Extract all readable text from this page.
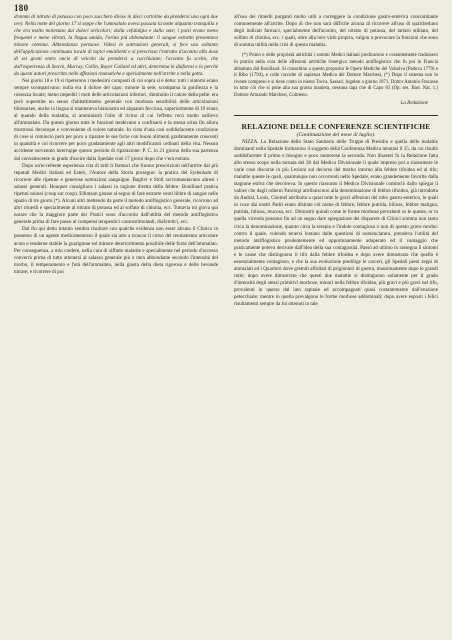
180

drammi di nitrato di potassa con poco zucchero divise in dieci cartoline da prendersi una ogni due ore). Nella notte del giorno 17 si seppe che l'ammalato aveva passata la notte alquanto tranquilla e che era molto molestato dai dolori articolari; dalla cefalalgia e dalla sete; i polsi erano meno frequenti e meno vibrati, la lingua umida, l'orina più abbondante: il sangue estratto presentava minore cotenna. Abbondanza portuose. Videsi le sottrazioni generali, si fece uso soltanto dell'applicazione continuata locale di topici emollienti e si prescrisse l'estratto d'aconito alla dose di sei grani entro oncie di veicolo da prendersi a cucchiaiate; l'aconito fu scelto, che dall'esperienza di Storck, Murray, Collin, Royer Collard ed altri, determina le diaforesi e la perché da questi autori prescritto nelle affezioni reumatiche e specialmente nell'artrite e nella gotta.

Nei giorni 18 e 19 si ripeterono i medesimi composti di cui sopra si è detto: tutti i sintomi erano sempre scomparivano: nulla era il dolore del capo; minore la sete; scomparsa la gonfiezza e la rossezza locale; meno impediti i moti delle articolazioni inferiori, diminuito il calore della pelle: era però superstite un senso d'abbattimento generale con morbosa sensibilità delle articolazioni tibiotarsee, anche la lingua si manteneva biancastra ed alquanto fecciosa, superiormente di 19 erano al quando della malattia, si amministrò l'olio di ricino di cui l'effetto recò molto sollievo all'ammalato. Da questo giorno tutte le funzioni tendevano a confinarsi e la stessa orina fin allora mostrossi dovunque e conveniente di colore naturale. In vista d'una così soddisfacente condizione di cose si cominciò però per poco a riparare le sue forze con buoni alimenti gradatamente crescenti in quantità e col ricorrere per poco gradatamente agli altri modificatori ordinari della vita. Nessun accidente sorvenuto interruppe questo periodo di riparazione: P. C. in 21 giorno della sua partenza dal convalescente in grado d'uscire dalla Spedale cioè 17 giorni dopo che v'era entrato.

Dopo un'eccellente esperienza cita di tutti li farmaci che furono prescrizioni nell'artrite dai più reputati Medici Italiani ed Esteri, l'Autore della Storia proseguo: la pratica del Sydenham di ricorrere alle ripetute e generose sottrazioni sanguigne. Baglivi e Stoll raccomandavano altresì i salassi generali. Houquet consigliava i salassi in ragione diretta della febbre. Bouillaud pratica ripetuti salassi (coup sur coup). Elliotson giunse al segno di fare estrarre venti libbre di sangue nelle spazio di tre giorni (*). Alcuni altri mettendo da parte il metodo antiflogistico generale, ricorrono ad altri rimedii e specialmente al nitrato di potassa ed al solfato di chinina, ecc. Tuttavia mi giova qui notare che la maggiore parte dei Pratici sono d'accordo dall'utilità del metodo antiflogistico generale prima di fare passo ai compensi terapeutici controstimolanti, diaforetici, ecc.

Dal fin qui detto intanto sembra risultare con qualche evidenza non esser alcuno il Clinico in possesso di un agente medicamentoso il quale sia atto a troncar il corso del reumatismo articolare acuto e renderne stabile la guarigione sol minore deteriorimento possibile delle forze dell'ammalato. Per conseguenza, a mio credere, nella cura di siffatte malattie e specialmente nel periodo d'accesso converrà prima di tutto attenersi al salasso generale più o men abbondante secondo l'intensità del morbo, il temperamento e l'età dell'ammalato, nella giusta della dieta rigorosa e delle bevande nitrate; e ricorrere di poi

all'uso dei rimedii purganti molto utili a correggere la condizione gastro-enterica concomitante comunemente all'artrite. Dopo di che non sarà difficile alcuna di ricorrere all'uso di qualcheduno degli indicati farmaci, specialmente dell'aconito, del nitrato di potassa, del tartaro stibiato, del solfato di chinina, ecc. i quali, oltre alla loro virtù propria, valgon a provocare la funzioni che sono di somma utilità nella crisi di questa malattia.

(*) Primo e delle proprietà antichità i sommi Medici italiani predicarono e costantemente tradussero in pratica nella cura delle affezioni artritiche l'energico metodo antiflogistico che fu poi in Francia abbattuto dal Bouillaud. Si consultino a questo proposito le Opere Mediche del Valsalva (Padova 1779) e il Ribo (1794), e colle raccolte di sapienza Medica del Dottore Marchesi, (*) Dopo il sistema non lo riveste compreso e si tiene conto in niente Tocca. Sassari, lugubre a giorno 1871, Dottor Antonio Fracasso in tutto ciò che si pone alla sua grassa maniera, nessuna tapa che di Capo 83 (Op. ses. Barr. Nat. 1.) Dottore Armando Marchesi, Colmeno.

La Redazione

RELAZIONE DELLE CONFERENZE SCIENTIFICHE

(Continuazione del mese di luglio).

NIZZA. La Relazione dello Stato Sanitario delle Truppe di Presidio e quella delle malattie dominanti nella Spedale formarono il soggetto della Conferenza Medica tenutasi il 15, da cui risultò soddisfacente il primo e bisogno e poco numerose la seconda. Non dissentì fu la Relazione fatta allo stesso scopo nella tornata del 30 dal Medico Divisionale il quale impreso poi a riassumere le varie cose discorse in più Lezioni sul decorso del morbo intorno alla febbre tifoidea ed al tifo; malattie queste le quali, quantunque non occorrenti nello Spedale, erano grandemente favorite dalla stagione estiva che decorreva. In questo riassunto il Medico Divisionale cominciò dallo spiegar il valore che dagli odierni Patologi attribuiscono alla denominazione di febbre tifoidea, già introdotta da Andral, Louis, Chomel attribuita a quasi tutte le gravi affezioni del tubo gastro-enterico, le quali in voce dai nostri Padri erano distinte col nome di febbre, febbre putrida, biliose, febbre maligna, putrida, biliosa, mucosa, ecc. Dimostrò quindi come le forme morbose prevalenti or le queste, or in quella vicenda possono fin ad un segno dare spiegazione dei disparere di Clinici somma non tanto circa la denominazione, quanto circa la terapia e l'indole contagiosa o non di questo grave morbo: contro il quale, volendo tenersi lontano dalle questioni di nomenclatura, prendeva l'utilità del metodo antiflogistico prudentemente ed opportunamente adoperato ed il vantaggio che praticamente poteva derivare dall'idea della sua contagiosità. Passò ad ultimo in rassegna li sintomi e le cause che distinguono il tifo dalla febbre tifoidea e dopo avere dimostrato che quello è essenzialmente contagioso, e che la sua evoluzione predilige le carceri, gli Spedali pieni zeppi di ammalati ed i Quartieri dove gremiti affollati di prigionieri di guerra, massimamente dopo le grandi rotte; dopo avere dimostrato che questi due malattie si distinguono solamente per il grado d'intensità degli stessi primitivi morbose, minori nella febbre tifoidea, più gravi e più gravi nel tifo, provalenti in questo dal lato rapitale ed accompagnati quasi costantemente dall'eruzione petecchiale; mentre in quella prevalgono le forme morbose addominali; dopo avere esposti i felici risultamenti sempre da lui ottenuti in tale
